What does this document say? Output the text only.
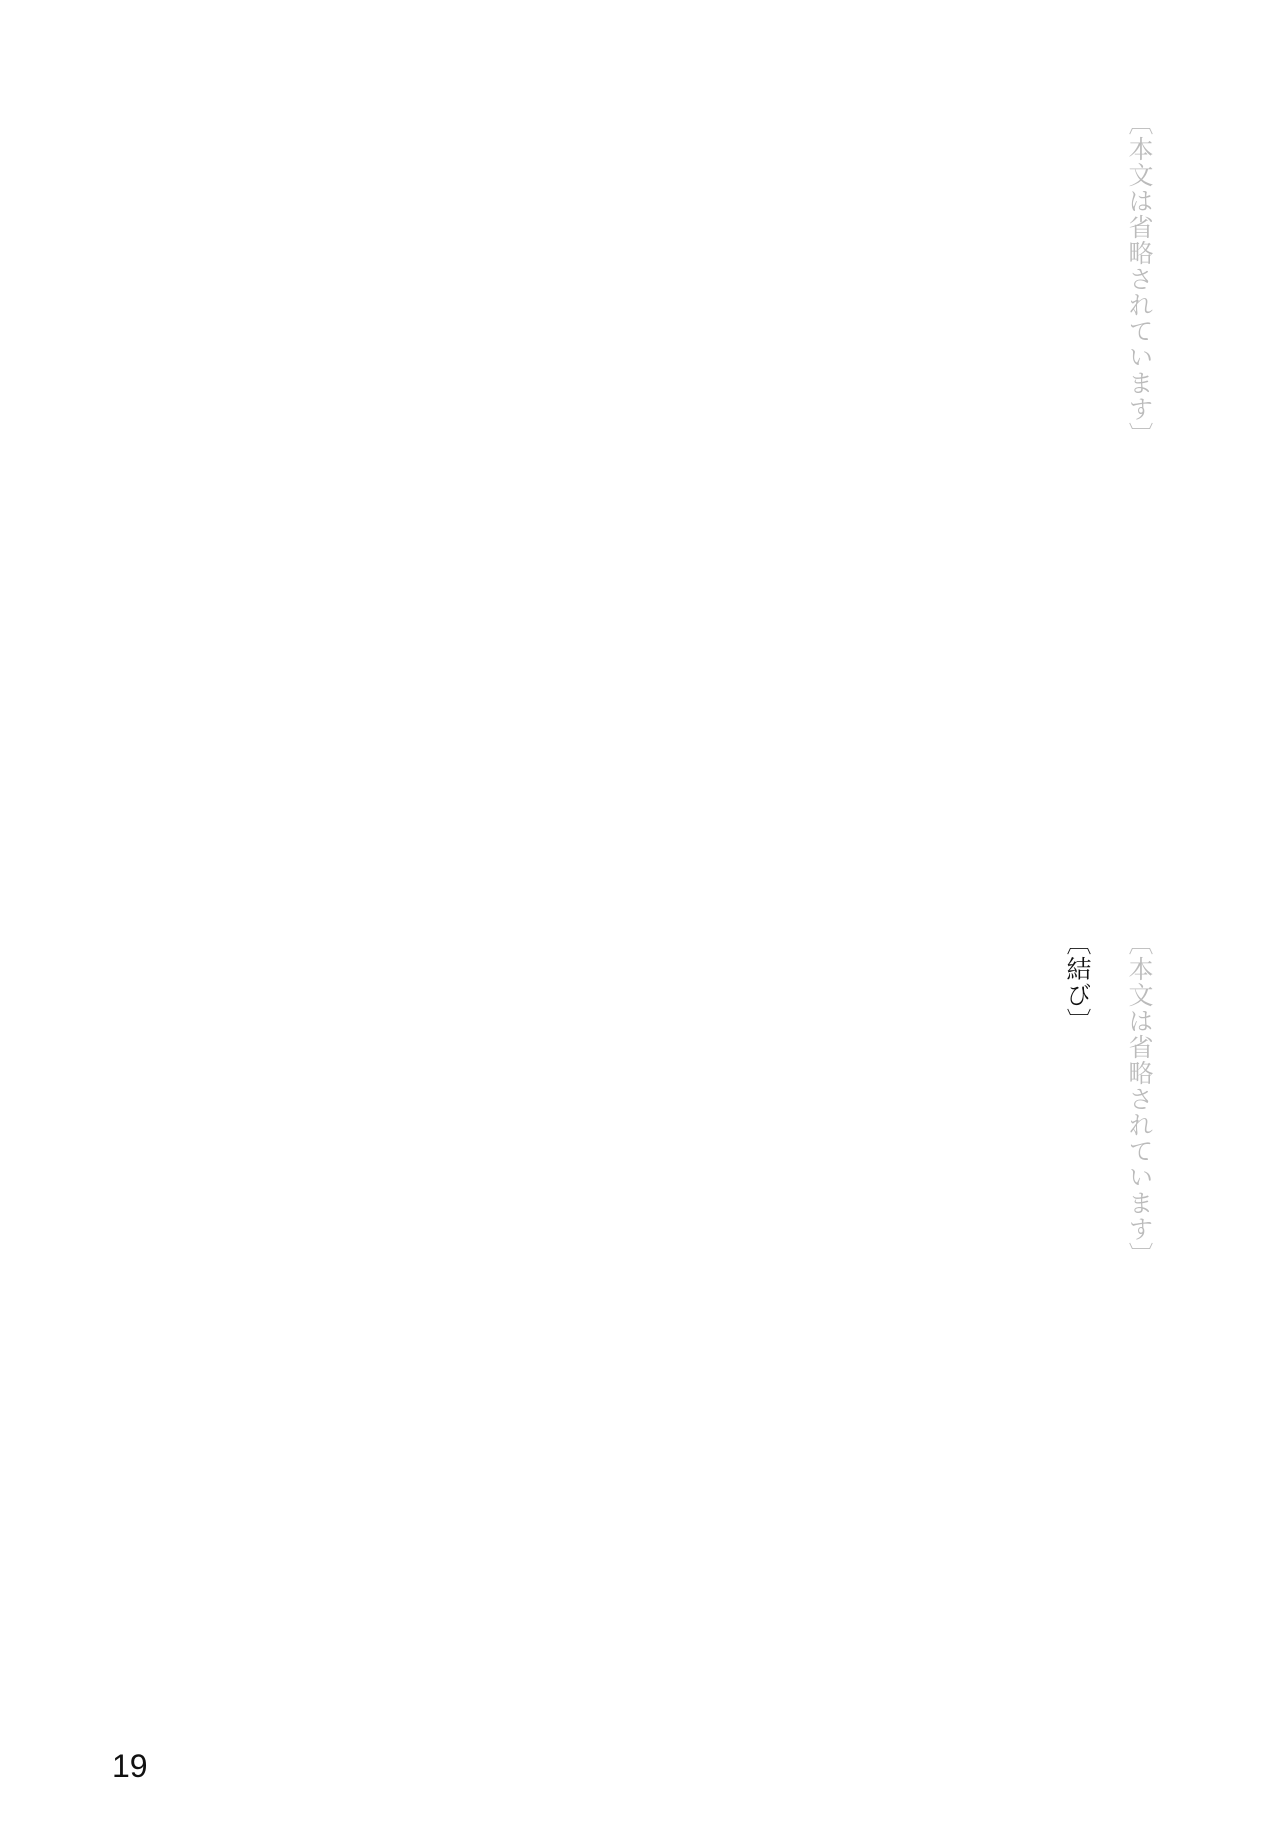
〔本文は省略されています〕
〔本文は省略されています〕
〔結び〕
19
